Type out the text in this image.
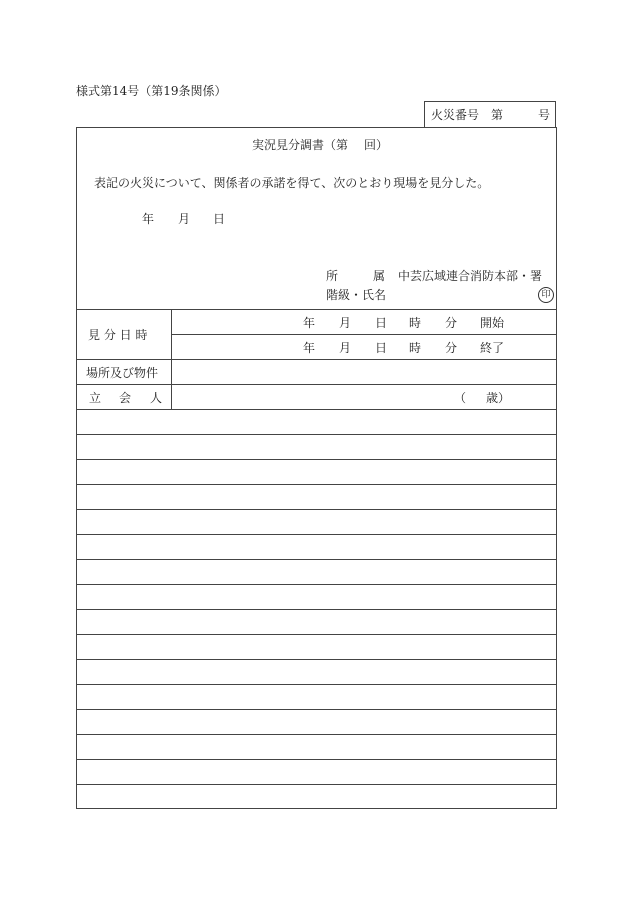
様式第14号（第19条関係）
火災番号 第	号
実況見分調書（第 回）
表記の火災について、関係者の承諾を得て、次のとおり現場を見分した。
年 月 日
所	属 中芸広域連合消防本部・署
階級・氏名	印
見 分 日 時
年 月 日 時 分 開始
年 月 日 時 分 終了
場所及び物件
立 会 人	（ 歳）
